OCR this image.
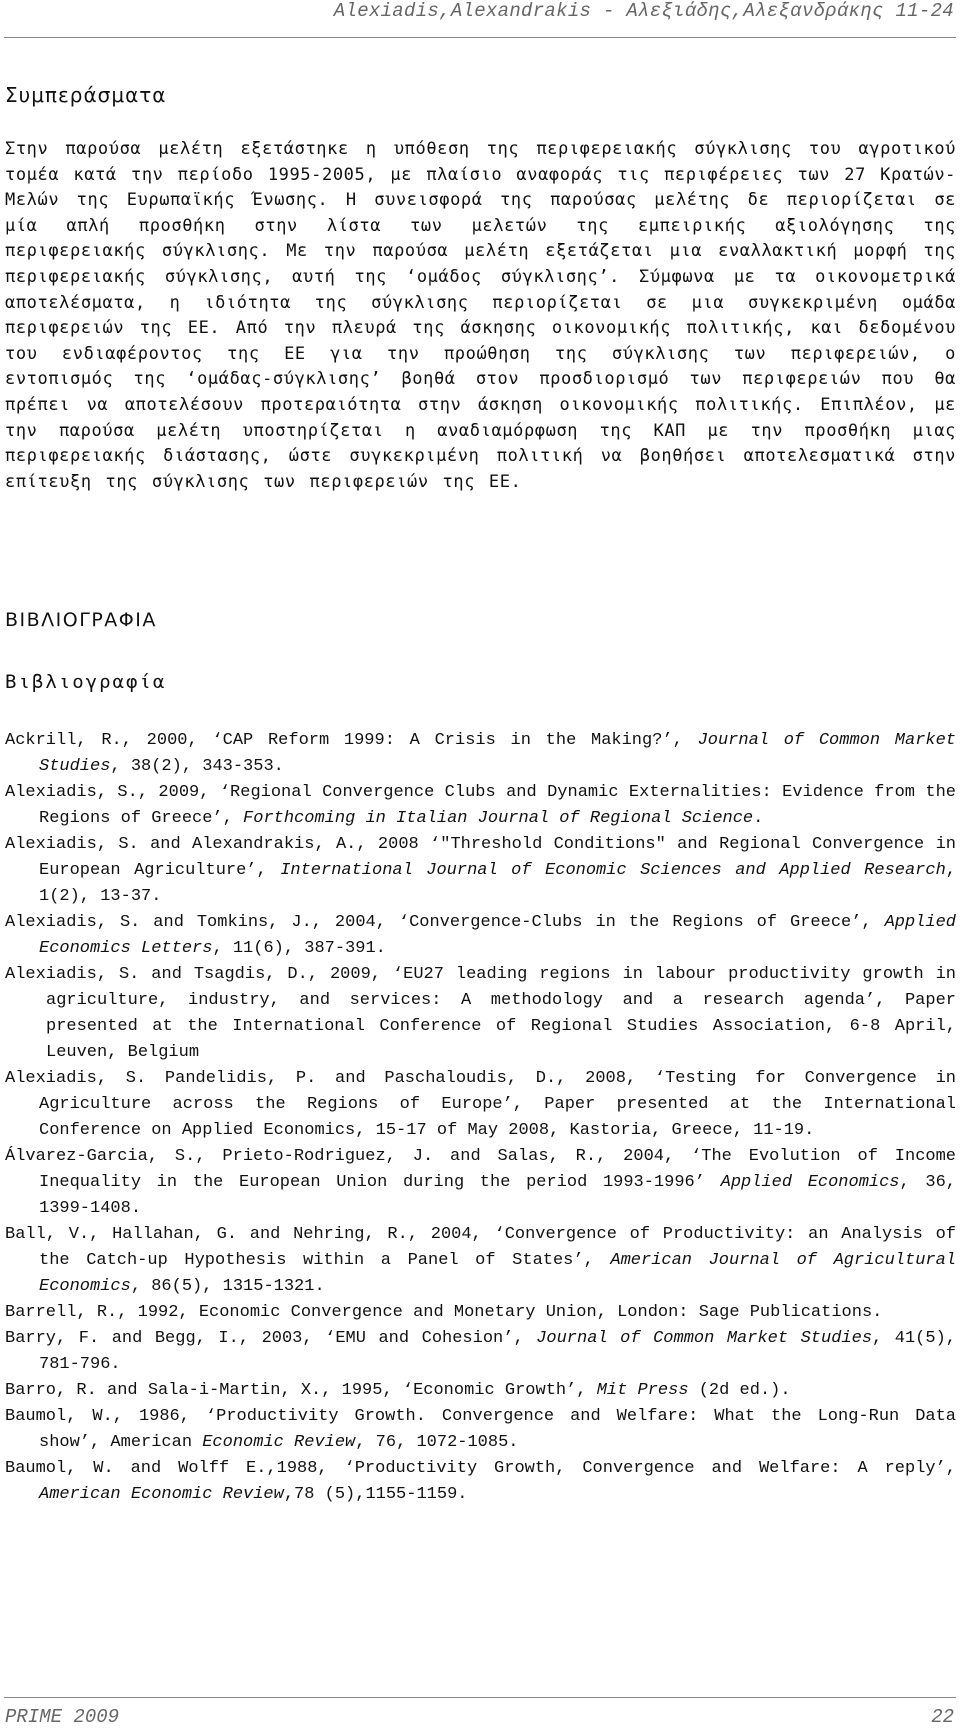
Alexiadis,Alexandrakis - Αλεξιάδης,Αλεξανδράκης 11-24
Συμπεράσματα

Στην παρούσα μελέτη εξετάστηκε η υπόθεση της περιφερειακής σύγκλισης του αγροτικού τομέα κατά την περίοδο 1995-2005, με πλαίσιο αναφοράς τις περιφέρειες των 27 Κρατών-Μελών της Ευρωπαϊκής Ένωσης. Η συνεισφορά της παρούσας μελέτης δε περιορίζεται σε μία απλή προσθήκη στην λίστα των μελετών της εμπειρικής αξιολόγησης της περιφερειακής σύγκλισης. Με την παρούσα μελέτη εξετάζεται μια εναλλακτική μορφή της περιφερειακής σύγκλισης, αυτή της ‘ομάδος σύγκλισης’. Σύμφωνα με τα οικονομετρικά αποτελέσματα, η ιδιότητα της σύγκλισης περιορίζεται σε μια συγκεκριμένη ομάδα περιφερειών της ΕΕ. Από την πλευρά της άσκησης οικονομικής πολιτικής, και δεδομένου του ενδιαφέροντος της ΕΕ για την προώθηση της σύγκλισης των περιφερειών, ο εντοπισμός της ‘ομάδας-σύγκλισης’ βοηθά στον προσδιορισμό των περιφερειών που θα πρέπει να αποτελέσουν προτεραιότητα στην άσκηση οικονομικής πολιτικής. Επιπλέον, με την παρούσα μελέτη υποστηρίζεται η αναδιαμόρφωση της ΚΑΠ με την προσθήκη μιας περιφερειακής διάστασης, ώστε συγκεκριμένη πολιτική να βοηθήσει αποτελεσματικά στην επίτευξη της σύγκλισης των περιφερειών της ΕΕ.

ΒΙΒΛΙΟΓΡΑΦΙΑ
Βιβλιογραφία
Ackrill, R., 2000, ‘CAP Reform 1999: A Crisis in the Making?’, Journal of Common Market Studies, 38(2), 343-353.
Alexiadis, S., 2009, ‘Regional Convergence Clubs and Dynamic Externalities: Evidence from the Regions of Greece’, Forthcoming in Italian Journal of Regional Science.
Alexiadis, S. and Alexandrakis, A., 2008 ‘"Threshold Conditions" and Regional Convergence in European Agriculture’, International Journal of Economic Sciences and Applied Research, 1(2), 13-37.
Alexiadis, S. and Tomkins, J., 2004, ‘Convergence-Clubs in the Regions of Greece’, Applied Economics Letters, 11(6), 387-391.
Alexiadis, S. and Tsagdis, D., 2009, ‘EU27 leading regions in labour productivity growth in agriculture, industry, and services: A methodology and a research agenda’, Paper presented at the International Conference of Regional Studies Association, 6-8 April, Leuven, Belgium
Alexiadis, S. Pandelidis, P. and Paschaloudis, D., 2008, ‘Testing for Convergence in Agriculture across the Regions of Europe’, Paper presented at the International Conference on Applied Economics, 15-17 of May 2008, Kastoria, Greece, 11-19.
Álvarez-Garcia, S., Prieto-Rodriguez, J. and Salas, R., 2004, ‘The Evolution of Income Inequality in the European Union during the period 1993-1996’ Applied Economics, 36, 1399-1408.
Ball, V., Hallahan, G. and Nehring, R., 2004, ‘Convergence of Productivity: an Analysis of the Catch-up Hypothesis within a Panel of States’, American Journal of Agricultural Economics, 86(5), 1315-1321.
Barrell, R., 1992, Economic Convergence and Monetary Union, London: Sage Publications.
Barry, F. and Begg, I., 2003, ‘EMU and Cohesion’, Journal of Common Market Studies, 41(5), 781-796.
Barro, R. and Sala-i-Martin, X., 1995, ‘Economic Growth’, Mit Press (2d ed.).
Baumol, W., 1986, ‘Productivity Growth. Convergence and Welfare: What the Long-Run Data show’, American Economic Review, 76, 1072-1085.
Baumol, W. and Wolff E.,1988, ‘Productivity Growth, Convergence and Welfare: A reply’, American Economic Review,78 (5),1155-1159.
PRIME 2009	22
